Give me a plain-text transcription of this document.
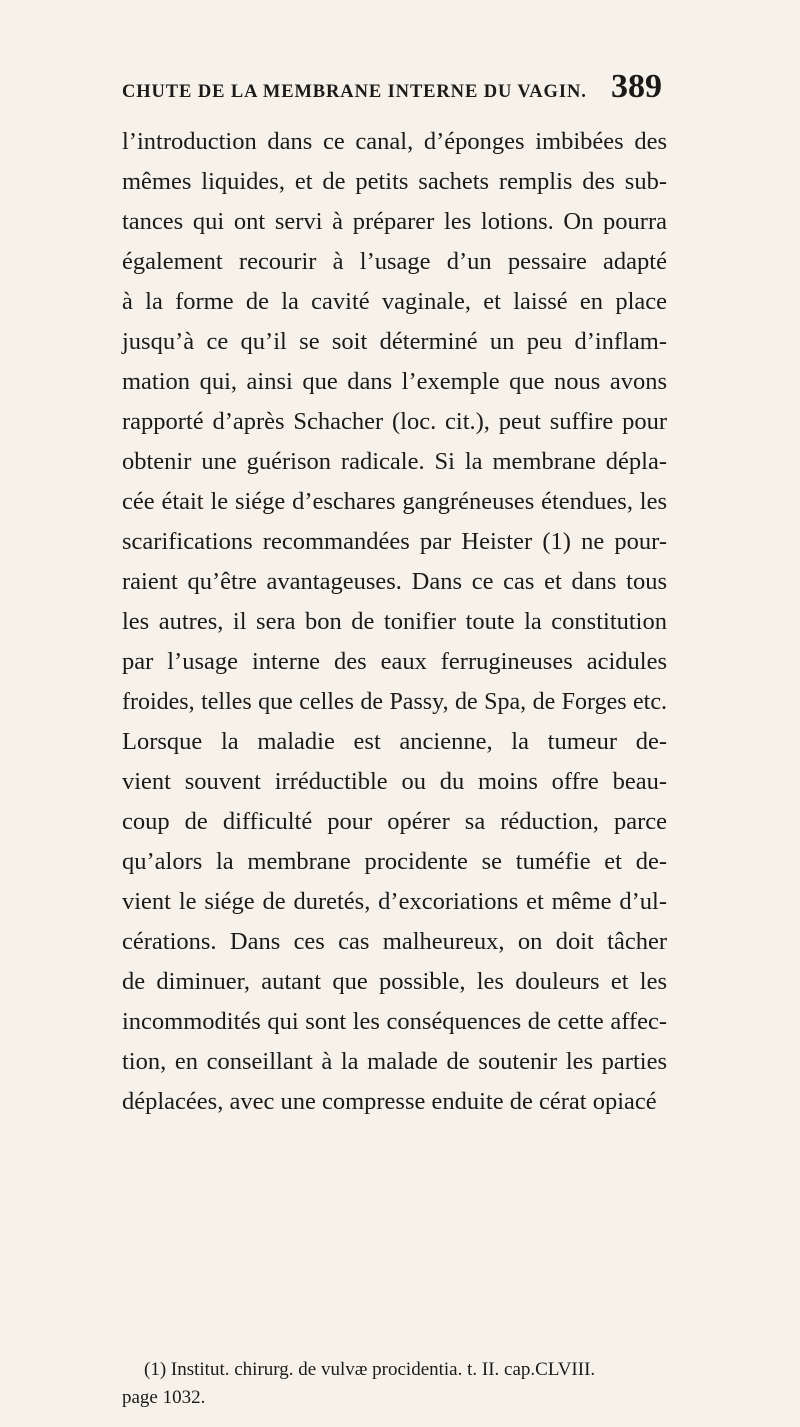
CHUTE DE LA MEMBRANE INTERNE DU VAGIN. 389
l’introduction dans ce canal, d’éponges imbibées des
mêmes liquides, et de petits sachets remplis des sub-
tances qui ont servi à préparer les lotions. On pourra
également recourir à l’usage d’un pessaire adapté
à la forme de la cavité vaginale, et laissé en place
jusqu’à ce qu’il se soit déterminé un peu d’inflam-
mation qui, ainsi que dans l’exemple que nous avons
rapporté d’après Schacher (loc. cit.), peut suffire pour
obtenir une guérison radicale. Si la membrane dépla-
cée était le siége d’eschares gangréneuses étendues, les
scarifications recommandées par Heister (1) ne pour-
raient qu’être avantageuses. Dans ce cas et dans tous
les autres, il sera bon de tonifier toute la constitution
par l’usage interne des eaux ferrugineuses acidules
froides, telles que celles de Passy, de Spa, de Forges etc.
Lorsque la maladie est ancienne, la tumeur de-
vient souvent irréductible ou du moins offre beau-
coup de difficulté pour opérer sa réduction, parce
qu’alors la membrane procidente se tuméfie et de-
vient le siége de duretés, d’excoriations et même d’ul-
cérations. Dans ces cas malheureux, on doit tâcher
de diminuer, autant que possible, les douleurs et les
incommodités qui sont les conséquences de cette affec-
tion, en conseillant à la malade de soutenir les parties
déplacées, avec une compresse enduite de cérat opiacé
(1) Institut. chirurg. de vulvæ procidentia. t. II. cap.CLVIII.
page 1032.
